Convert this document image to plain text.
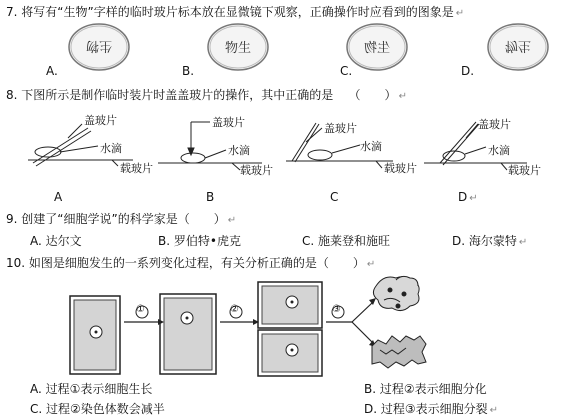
7. 将写有“生物”字样的临时玻片标本放在显微镜下观察，正确操作时应看到的图象是 ↵
生物	物生	生物	物生
A.	B.	C.	D.
8. 下图所示是制作临时装片时盖盖玻片的操作，其中正确的是 （　　） ↵
盖玻片
水滴
载玻片
盖玻片
水滴
载玻片
盖玻片
水滴
载玻片
盖玻片
水滴
载玻片
A	B	C	D ↵
9. 创建了“细胞学说”的科学家是（　　） ↵
A. 达尔文	B. 罗伯特•虎克	C. 施莱登和施旺	D. 海尔蒙特 ↵
10. 如图是细胞发生的一系列变化过程，有关分析正确的是（　　） ↵
①	②	③
A. 过程①表示细胞生长	B. 过程②表示细胞分化
C. 过程②染色体数会减半	D. 过程③表示细胞分裂 ↵
